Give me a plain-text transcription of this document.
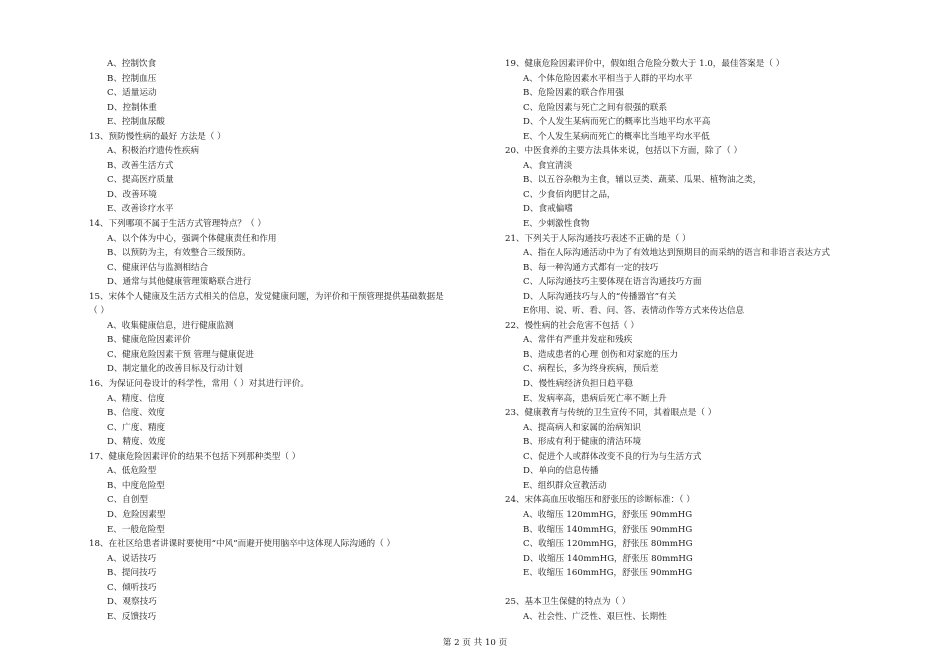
A、控制饮食
B、控制血压
C、适量运动
D、控制体重
E、控制血尿酸
13、预防慢性病的最好 方法是（ ）
A、积极治疗遗传性疾病
B、改善生活方式
C、提高医疗质量
D、改善环境
E、改善诊疗水平
14、下列哪项不属于生活方式管理特点？（ ）
A、以个体为中心，强调个体健康责任和作用
B、以预防为主，有效整合三级预防。
C、健康评估与监测相结合
D、通常与其他健康管理策略联合进行
15、宋体个人健康及生活方式相关的信息，发觉健康问题，为评价和干预管理提供基础数据是
（ ）
A、收集健康信息，进行健康监测
B、健康危险因素评价
C、健康危险因素干预 管理与健康促进
D、制定量化的改善目标及行动计划
16、为保证问卷设计的科学性，常用（ ）对其进行评价。
A、精度、信度
B、信度、效度
C、广度、精度
D、精度、效度
17、健康危险因素评价的结果不包括下列那种类型（ ）
A、低危险型
B、中度危险型
C、自创型
D、危险因素型
E、一般危险型
18、在社区给患者讲课时要使用“中风”而避开使用脑卒中这体现人际沟通的（ ）
A、说话技巧
B、提问技巧
C、倾听技巧
D、观察技巧
E、反馈技巧
19、健康危险因素评价中，假如组合危险分数大于 1.0，最佳答案是（ ）
A、个体危险因素水平相当于人群的平均水平
B、危险因素的联合作用强
C、危险因素与死亡之间有很强的联系
D、个人发生某病而死亡的概率比当地平均水平高
E、个人发生某病而死亡的概率比当地平均水平低
20、中医食养的主要方法具体来说，包括以下方面，除了（ ）
A、食宜清淡
B、以五谷杂粮为主食，辅以豆类、蔬菜、瓜果、植物油之类，
C、少食佰肉肥甘之品，
D、食戒偏嗜
E、少刺激性食物
21、下列关于人际沟通技巧表述不正确的是（ ）
A、指在人际沟通活动中为了有效地达到预期目的而采纳的语言和非语言表达方式
B、每一种沟通方式都有一定的技巧
C、人际沟通技巧主要体现在语言沟通技巧方面
D、人际沟通技巧与人的“传播器官”有关
E你用、说、听、看、问、答、表情动作等方式来传达信息
22、慢性病的社会危害不包括（ ）
A、常伴有严重并发症和残疾
B、造成患者的心理 创伤和对家庭的压力
C、病程长，多为终身疾病，预后差
D、慢性病经济负担日趋平稳
E、发病率高，患病后死亡率不断上升
23、健康教育与传统的卫生宣传不同，其着眼点是（ ）
A、提高病人和家属的治病知识
B、形成有利于健康的清洁环境
C、促进个人或群体改变不良的行为与生活方式
D、单向的信息传播
E、组织群众宣教活动
24、宋体高血压收缩压和舒张压的诊断标准：（ ）
A、收缩压 120mmHG，舒张压 90mmHG
B、收缩压 140mmHG，舒张压 90mmHG
C、收缩压 120mmHG，舒张压 80mmHG
D、收缩压 140mmHG，舒张压 80mmHG
E、收缩压 160mmHG，舒张压 90mmHG
25、基本卫生保健的特点为（ ）
A、社会性、广泛性、艰巨性、长期性
第 2 页 共 10 页
